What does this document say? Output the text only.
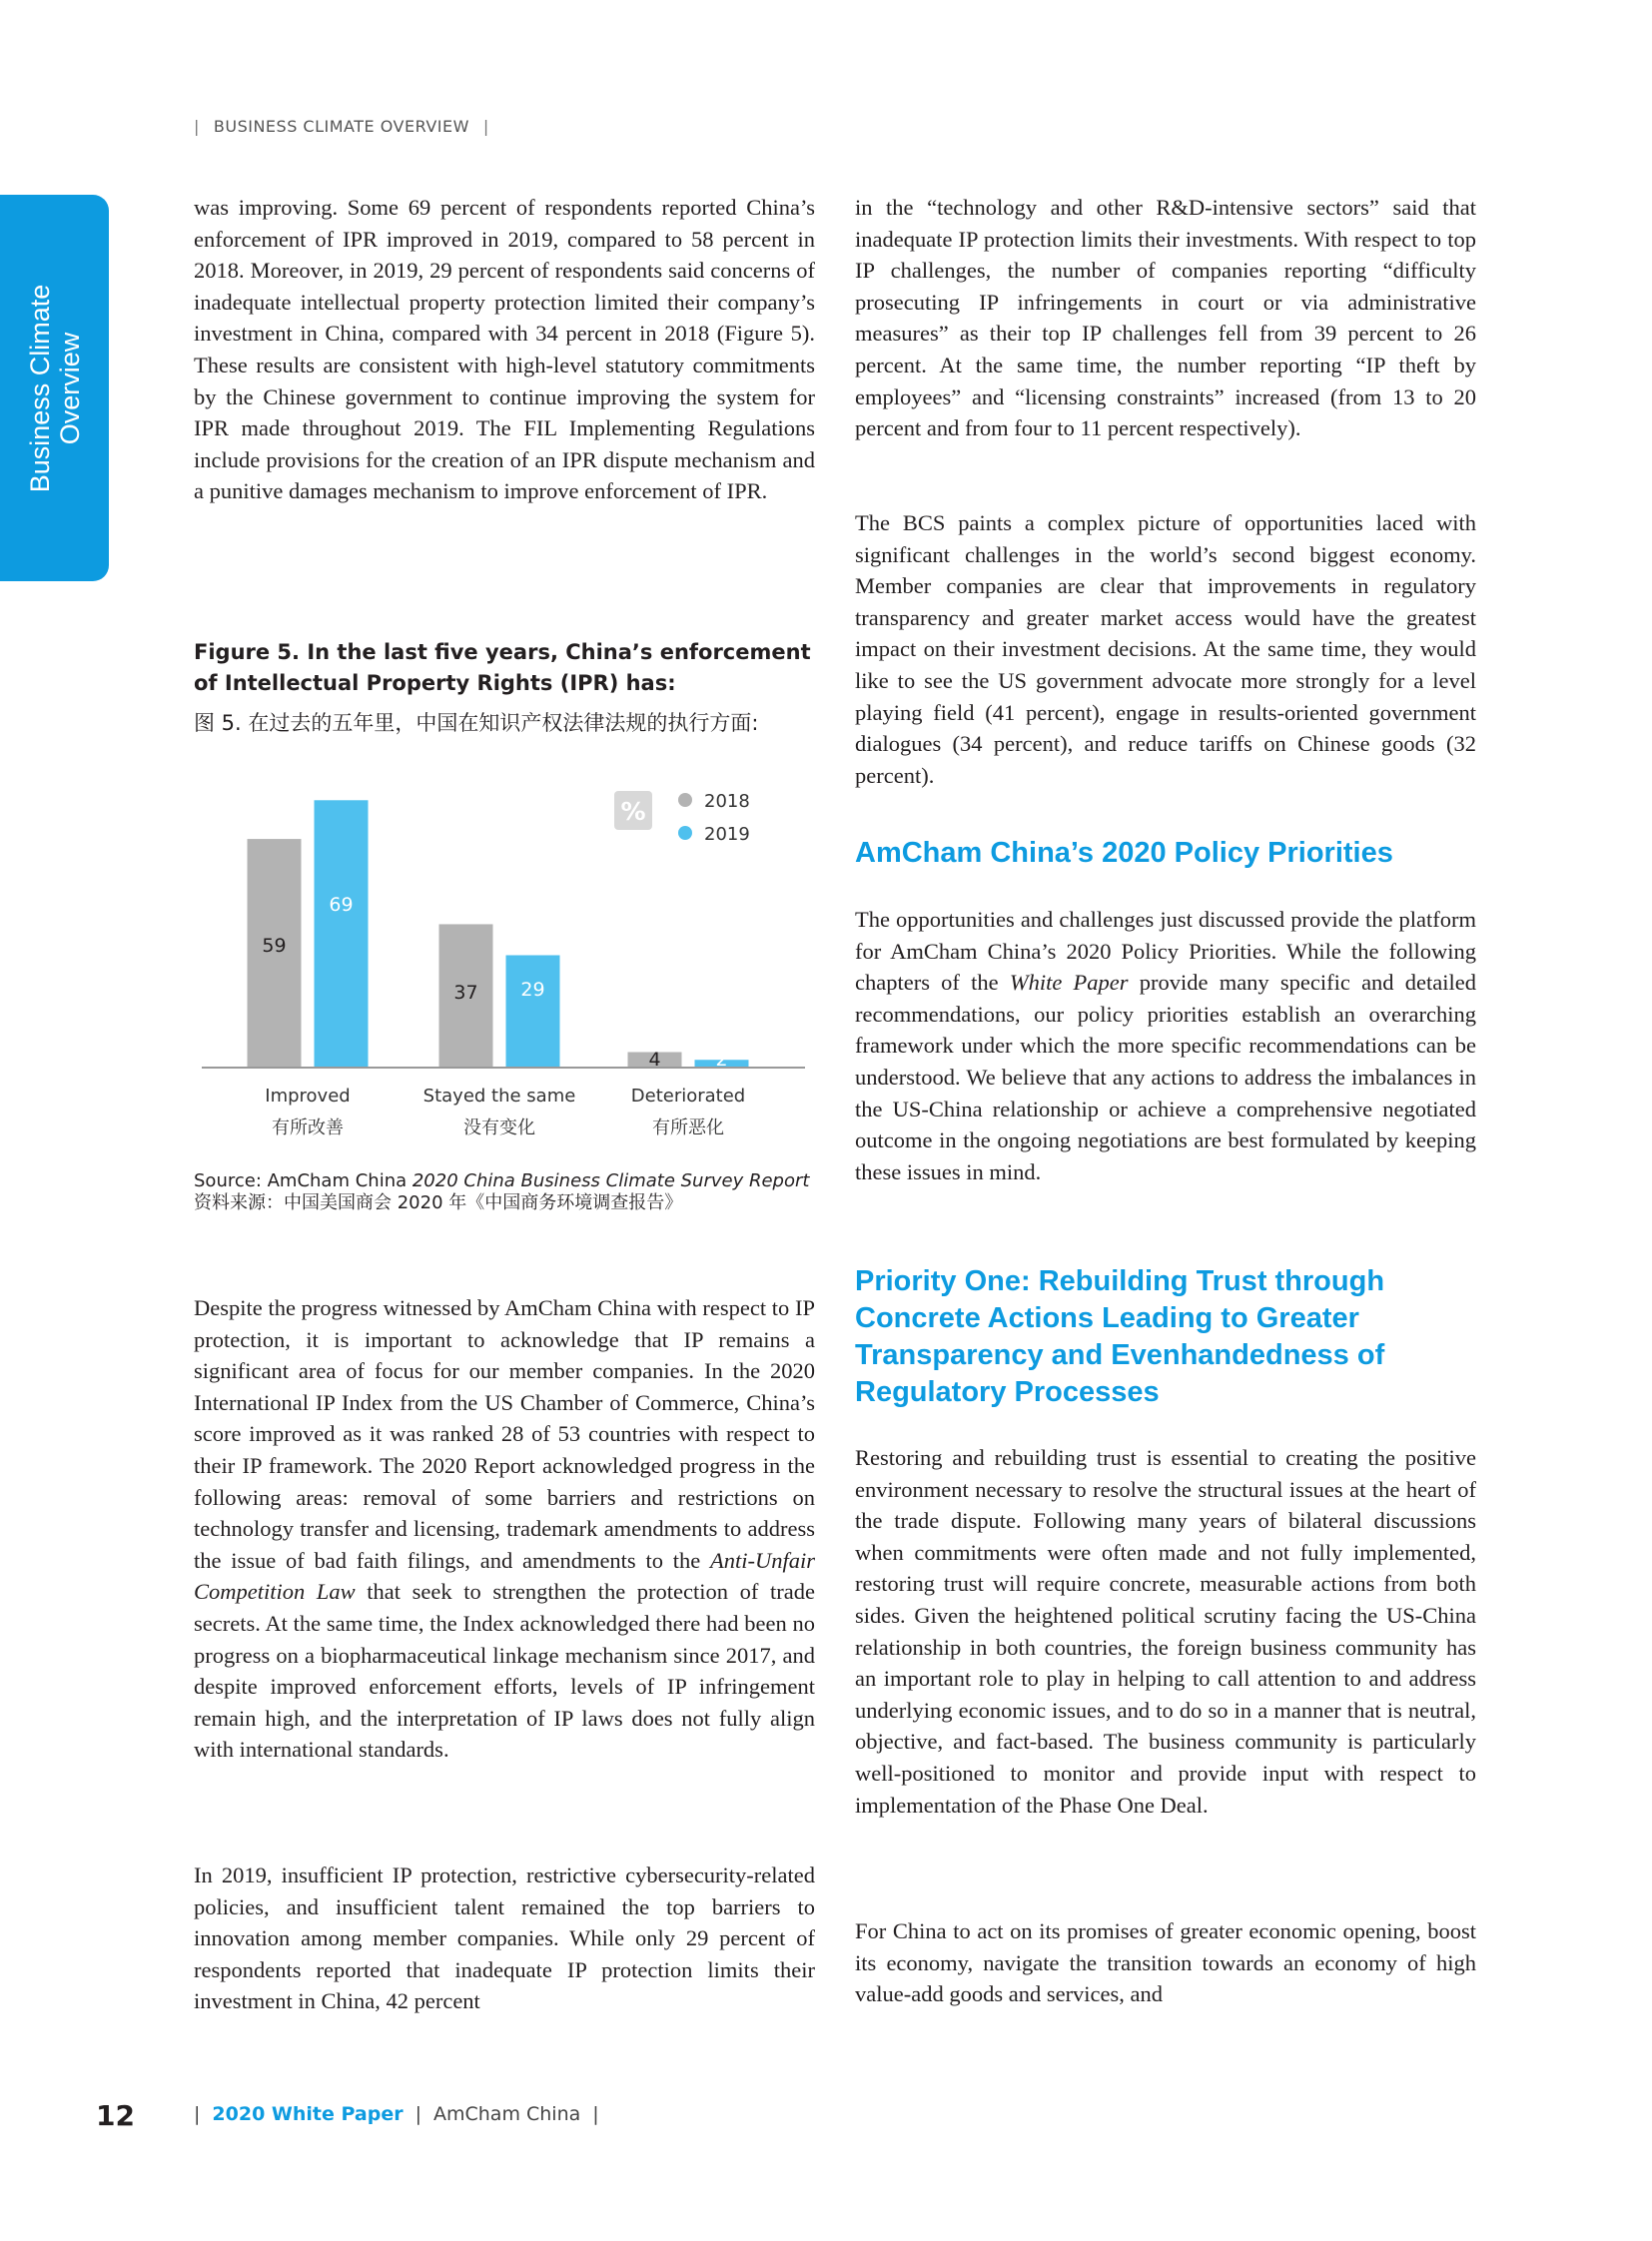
| BUSINESS CLIMATE OVERVIEW |
Business Climate Overview
was improving. Some 69 percent of respondents reported China’s enforcement of IPR improved in 2019, compared to 58 percent in 2018. Moreover, in 2019, 29 percent of respondents said concerns of inadequate intellectual property protection limited their company’s investment in China, compared with 34 percent in 2018 (Figure 5). These results are consistent with high-level statutory commitments by the Chinese government to continue improving the system for IPR made throughout 2019. The FIL Implementing Regulations include provisions for the creation of an IPR dispute mechanism and a punitive damages mechanism to improve enforcement of IPR.
Figure 5. In the last five years, China’s enforcement of Intellectual Property Rights (IPR) has:
图 5. 在过去的五年里，中国在知识产权法律法规的执行方面:
59
69
37 29
4	2
%	2018
2019
Improved
有所改善
Stayed the same
没有变化
Deteriorated
有所恶化
Source: AmCham China 2020 China Business Climate Survey Report
资料来源：中国美国商会 2020 年《中国商务环境调查报告》
Despite the progress witnessed by AmCham China with respect to IP protection, it is important to acknowledge that IP remains a significant area of focus for our member companies. In the 2020 International IP Index from the US Chamber of Commerce, China’s score improved as it was ranked 28 of 53 countries with respect to their IP framework. The 2020 Report acknowledged progress in the following areas: removal of some barriers and restrictions on technology transfer and licensing, trademark amendments to address the issue of bad faith filings, and amendments to the Anti-Unfair Competition Law that seek to strengthen the protection of trade secrets. At the same time, the Index acknowledged there had been no progress on a biopharmaceutical linkage mechanism since 2017, and despite improved enforcement efforts, levels of IP infringement remain high, and the interpretation of IP laws does not fully align with international standards.
In 2019, insufficient IP protection, restrictive cybersecurity-related policies, and insufficient talent remained the top barriers to innovation among member companies. While only 29 percent of respondents reported that inadequate IP protection limits their investment in China, 42 percent
in the “technology and other R&D-intensive sectors” said that inadequate IP protection limits their investments. With respect to top IP challenges, the number of companies reporting “difficulty prosecuting IP infringements in court or via administrative measures” as their top IP challenges fell from 39 percent to 26 percent. At the same time, the number reporting “IP theft by employees” and “licensing constraints” increased (from 13 to 20 percent and from four to 11 percent respectively).
The BCS paints a complex picture of opportunities laced with significant challenges in the world’s second biggest economy. Member companies are clear that improvements in regulatory transparency and greater market access would have the greatest impact on their investment decisions. At the same time, they would like to see the US government advocate more strongly for a level playing field (41 percent), engage in results-oriented government dialogues (34 percent), and reduce tariffs on Chinese goods (32 percent).
AmCham China’s 2020 Policy Priorities
The opportunities and challenges just discussed provide the platform for AmCham China’s 2020 Policy Priorities. While the following chapters of the White Paper provide many specific and detailed recommendations, our policy priorities establish an overarching framework under which the more specific recommendations can be understood. We believe that any actions to address the imbalances in the US-China relationship or achieve a comprehensive negotiated outcome in the ongoing negotiations are best formulated by keeping these issues in mind.
Priority One: Rebuilding Trust through Concrete Actions Leading to Greater Transparency and Evenhandedness of Regulatory Processes
Restoring and rebuilding trust is essential to creating the positive environment necessary to resolve the structural issues at the heart of the trade dispute. Following many years of bilateral discussions when commitments were often made and not fully implemented, restoring trust will require concrete, measurable actions from both sides. Given the heightened political scrutiny facing the US-China relationship in both countries, the foreign business community has an important role to play in helping to call attention to and address underlying economic issues, and to do so in a manner that is neutral, objective, and fact-based. The business community is particularly well-positioned to monitor and provide input with respect to implementation of the Phase One Deal.
For China to act on its promises of greater economic opening, boost its economy, navigate the transition towards an economy of high value-add goods and services, and
12	| 2020 White Paper | AmCham China |
